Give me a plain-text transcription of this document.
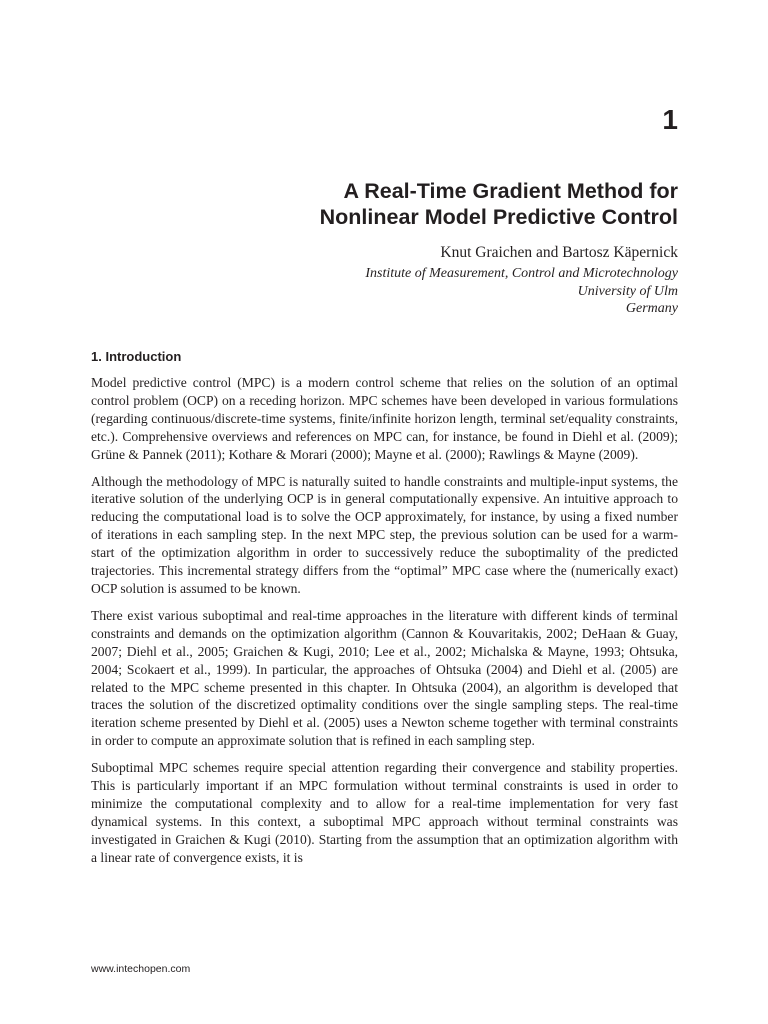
1
A Real-Time Gradient Method for
Nonlinear Model Predictive Control
Knut Graichen and Bartosz Käpernick
Institute of Measurement, Control and Microtechnology
University of Ulm
Germany
1. Introduction

Model predictive control (MPC) is a modern control scheme that relies on the solution of an optimal control problem (OCP) on a receding horizon. MPC schemes have been developed in various formulations (regarding continuous/discrete-time systems, finite/infinite horizon length, terminal set/equality constraints, etc.). Comprehensive overviews and references on MPC can, for instance, be found in Diehl et al. (2009); Grüne & Pannek (2011); Kothare & Morari (2000); Mayne et al. (2000); Rawlings & Mayne (2009).

Although the methodology of MPC is naturally suited to handle constraints and multiple-input systems, the iterative solution of the underlying OCP is in general computationally expensive. An intuitive approach to reducing the computational load is to solve the OCP approximately, for instance, by using a fixed number of iterations in each sampling step. In the next MPC step, the previous solution can be used for a warm-start of the optimization algorithm in order to successively reduce the suboptimality of the predicted trajectories. This incremental strategy differs from the “optimal” MPC case where the (numerically exact) OCP solution is assumed to be known.

There exist various suboptimal and real-time approaches in the literature with different kinds of terminal constraints and demands on the optimization algorithm (Cannon & Kouvaritakis, 2002; DeHaan & Guay, 2007; Diehl et al., 2005; Graichen & Kugi, 2010; Lee et al., 2002; Michalska & Mayne, 1993; Ohtsuka, 2004; Scokaert et al., 1999). In particular, the approaches of Ohtsuka (2004) and Diehl et al. (2005) are related to the MPC scheme presented in this chapter. In Ohtsuka (2004), an algorithm is developed that traces the solution of the discretized optimality conditions over the single sampling steps. The real-time iteration scheme presented by Diehl et al. (2005) uses a Newton scheme together with terminal constraints in order to compute an approximate solution that is refined in each sampling step.

Suboptimal MPC schemes require special attention regarding their convergence and stability properties. This is particularly important if an MPC formulation without terminal constraints is used in order to minimize the computational complexity and to allow for a real-time implementation for very fast dynamical systems. In this context, a suboptimal MPC approach without terminal constraints was investigated in Graichen & Kugi (2010). Starting from the assumption that an optimization algorithm with a linear rate of convergence exists, it is

www.intechopen.com
